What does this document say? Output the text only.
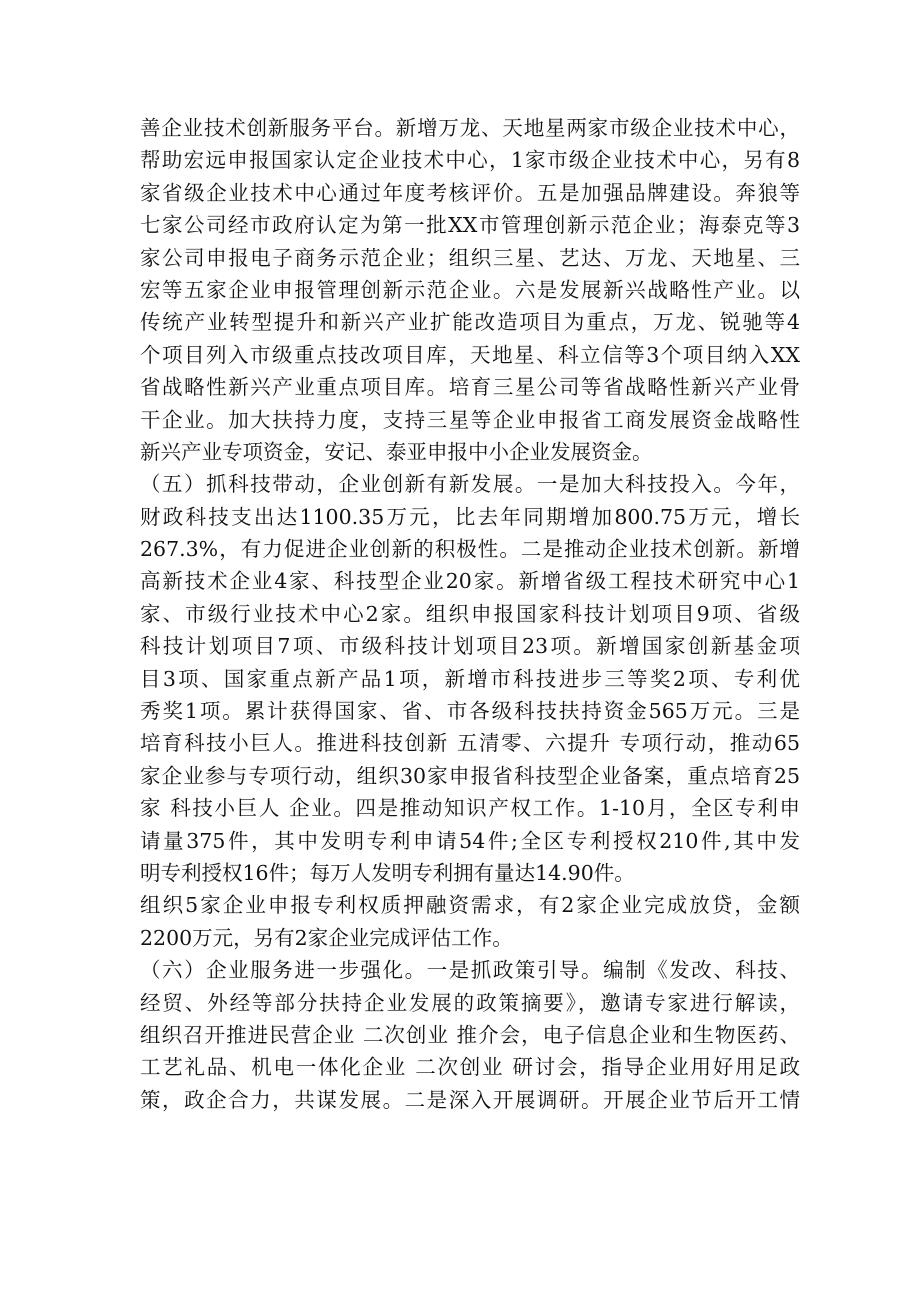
善企业技术创新服务平台。新增万龙、天地星两家市级企业技术中心，
帮助宏远申报国家认定企业技术中心，1家市级企业技术中心，另有8
家省级企业技术中心通过年度考核评价。五是加强品牌建设。奔狼等
七家公司经市政府认定为第一批XX市管理创新示范企业；海泰克等3
家公司申报电子商务示范企业；组织三星、艺达、万龙、天地星、三
宏等五家企业申报管理创新示范企业。六是发展新兴战略性产业。以
传统产业转型提升和新兴产业扩能改造项目为重点，万龙、锐驰等4
个项目列入市级重点技改项目库，天地星、科立信等3个项目纳入XX
省战略性新兴产业重点项目库。培育三星公司等省战略性新兴产业骨
干企业。加大扶持力度，支持三星等企业申报省工商发展资金战略性
新兴产业专项资金，安记、泰亚申报中小企业发展资金。
（五）抓科技带动，企业创新有新发展。一是加大科技投入。今年，
财政科技支出达1100.35万元，比去年同期增加800.75万元，增长
267.3%，有力促进企业创新的积极性。二是推动企业技术创新。新增
高新技术企业4家、科技型企业20家。新增省级工程技术研究中心1
家、市级行业技术中心2家。组织申报国家科技计划项目9项、省级
科技计划项目7项、市级科技计划项目23项。新增国家创新基金项
目3项、国家重点新产品1项，新增市科技进步三等奖2项、专利优
秀奖1项。累计获得国家、省、市各级科技扶持资金565万元。三是
培育科技小巨人。推进科技创新 五清零、六提升 专项行动，推动65
家企业参与专项行动，组织30家申报省科技型企业备案，重点培育25
家 科技小巨人 企业。四是推动知识产权工作。1-10月，全区专利申
请量375件，其中发明专利申请54件;全区专利授权210件,其中发
明专利授权16件；每万人发明专利拥有量达14.90件。
组织5家企业申报专利权质押融资需求，有2家企业完成放贷，金额
2200万元，另有2家企业完成评估工作。
（六）企业服务进一步强化。一是抓政策引导。编制《发改、科技、
经贸、外经等部分扶持企业发展的政策摘要》，邀请专家进行解读，
组织召开推进民营企业 二次创业 推介会，电子信息企业和生物医药、
工艺礼品、机电一体化企业 二次创业 研讨会，指导企业用好用足政
策，政企合力，共谋发展。二是深入开展调研。开展企业节后开工情
